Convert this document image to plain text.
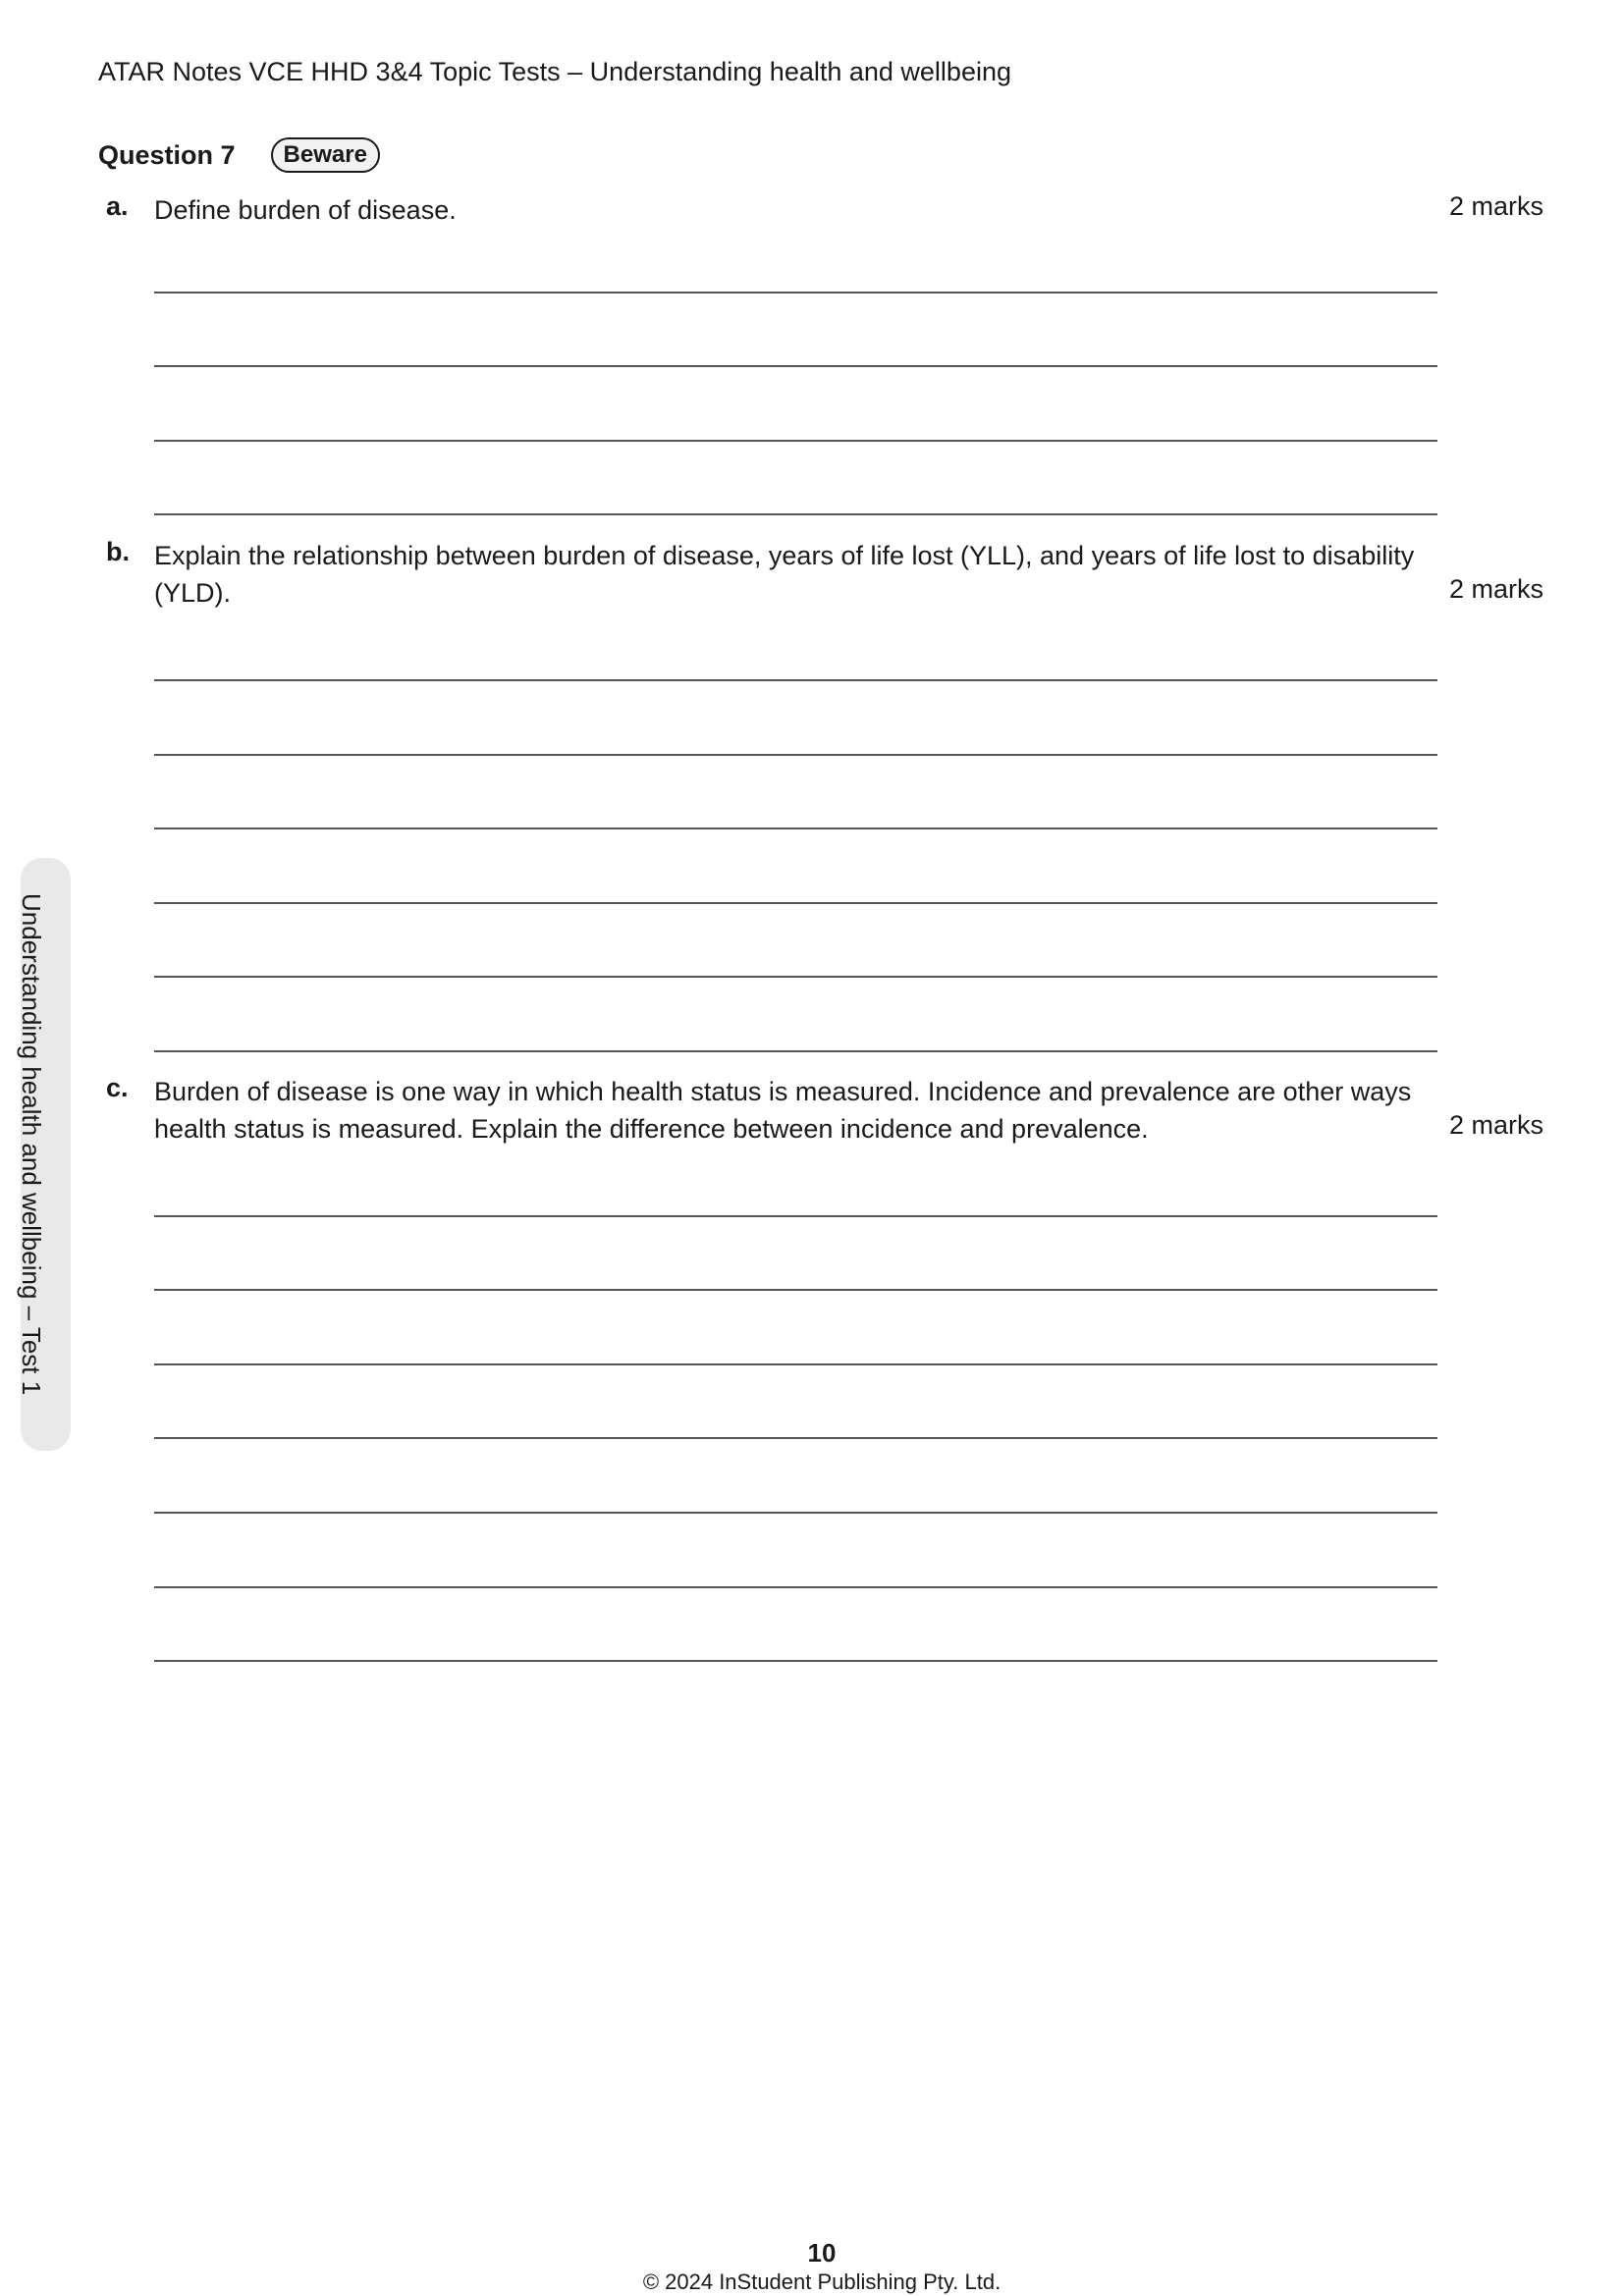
ATAR Notes VCE HHD 3&4 Topic Tests – Understanding health and wellbeing
Question 7	Beware
a. Define burden of disease.	2 marks
b. Explain the relationship between burden of disease, years of life lost (YLL), and years of life lost to disability
(YLD).	2 marks
c. Burden of disease is one way in which health status is measured. Incidence and prevalence are other ways
health status is measured. Explain the difference between incidence and prevalence.	2 marks
Understanding health and wellbeing – Test 1
10
© 2024 InStudent Publishing Pty. Ltd.
